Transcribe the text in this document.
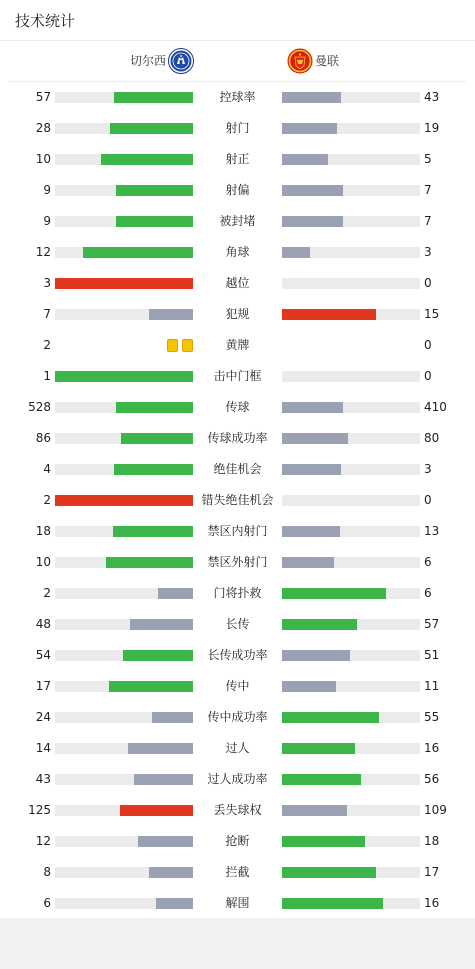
技术统计
切尔西	曼联
57	控球率	43
28	射门	19
10	射正	5
9	射偏	7
9	被封堵	7
12	角球	3
3	越位	0
7	犯规	15
2	黄牌	0
1	击中门框	0
528	传球	410
86	传球成功率	80
4	绝佳机会	3
2	错失绝佳机会	0
18	禁区内射门	13
10	禁区外射门	6
2	门将扑救	6
48	长传	57
54	长传成功率	51
17	传中	11
24	传中成功率	55
14	过人	16
43	过人成功率	56
125	丢失球权	109
12	抢断	18
8	拦截	17
6	解围	16
